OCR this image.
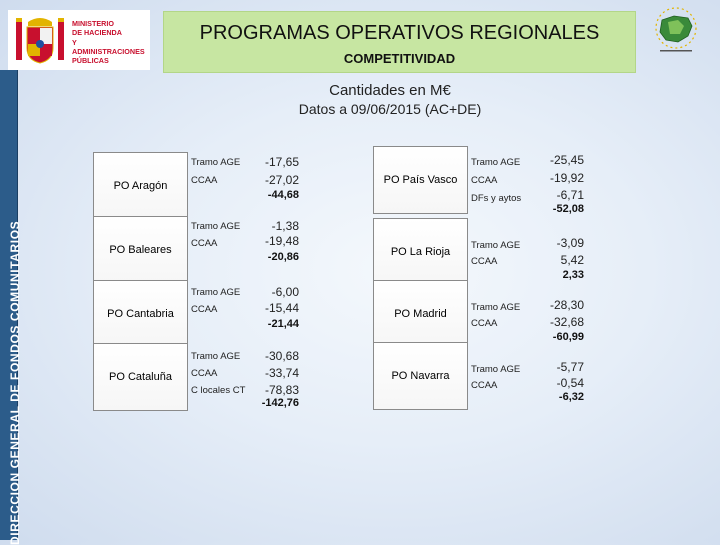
DIRECCION GENERAL DE FONDOS COMUNITARIOS
MINISTERIO
DE HACIENDA
Y ADMINISTRACIONES
PÚBLICAS
PROGRAMAS OPERATIVOS REGIONALES
COMPETITIVIDAD
Cantidades en M€
Datos a 09/06/2015 (AC+DE)
PO Aragón
Tramo AGE -17,65
CCAA	-27,02
-44,68
PO Baleares
Tramo AGE	-1,38
CCAA	-19,48
-20,86
PO Cantabria
Tramo AGE	-6,00
CCAA	-15,44
-21,44
PO Cataluña
Tramo AGE -30,68
CCAA	-33,74
C locales CT -78,83
-142,76
PO País Vasco
Tramo AGE -25,45
CCAA	-19,92
DFs y aytos	-6,71
-52,08
PO La Rioja
Tramo AGE	-3,09
CCAA	5,42
2,33
PO Madrid
Tramo AGE -28,30
CCAA	-32,68
-60,99
PO Navarra
Tramo AGE	-5,77
CCAA	-0,54
-6,32
